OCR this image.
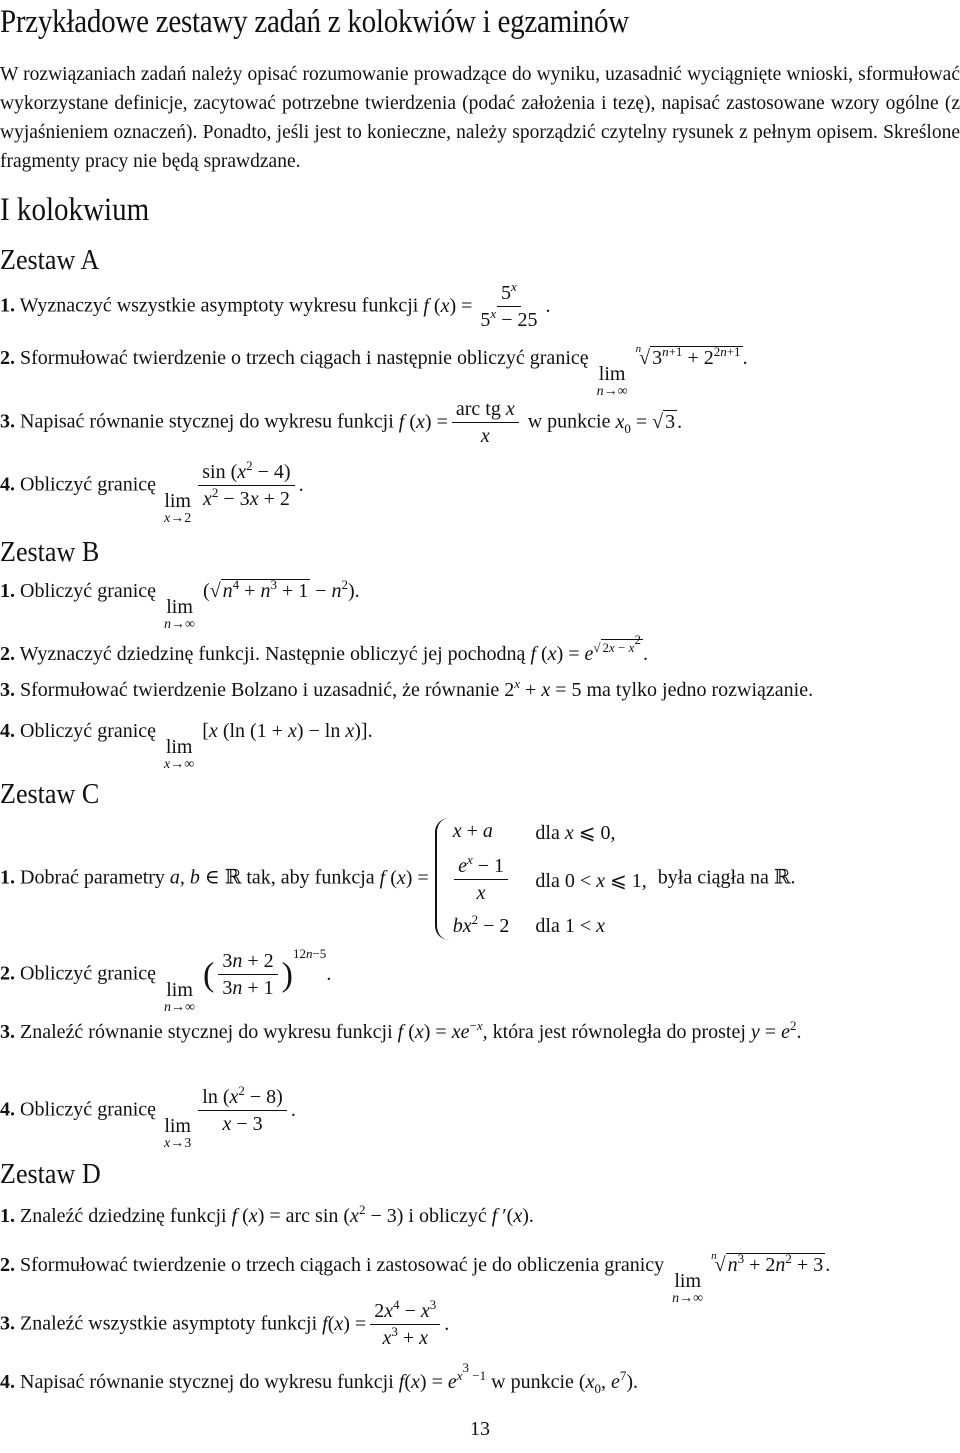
Przykładowe zestawy zadań z kolokwiów i egzaminów

W rozwiązaniach zadań należy opisać rozumowanie prowadzące do wyniku, uzasadnić wyciągnięte wnioski, sformułować wykorzystane definicje, zacytować potrzebne twierdzenia (podać założenia i tezę), napisać zastosowane wzory ogólne (z wyjaśnieniem oznaczeń). Ponadto, jeśli jest to konieczne, należy sporządzić czytelny rysunek z pełnym opisem. Skreślone fragmenty pracy nie będą sprawdzane.

I kolokwium
Zestaw A
1. Wyznaczyć wszystkie asymptoty wykresu funkcji f $(x) = \frac{5^x}{5^x - 25}$ .
2. Sformułować twierdzenie o trzech ciągach i następnie obliczyć granicę
lim
n→∞
$^n$√ $3^{n+1} + 2^{2n+1}$ .
3. Napisać równanie stycznej do wykresu funkcji f $(x) = \frac{\text{arc tg x}}{x}$ w punkcie $x_0$ = √ 3 .
4. Obliczyć granicę
lim
x→2
$\frac{\sin (x^2 - 4)}{x^2 - 3x + 2}$ .
Zestaw B
1. Obliczyć granicę
lim
n→∞
(√ $n^4 + n^3 + 1 - n^2$).
2. Wyznaczyć dziedzinę funkcji. Następnie obliczyć jej pochodną f $(x) = e^{√ 2x - x^2}$.
3. Sformułować twierdzenie Bolzano i uzasadnić, że równanie $2^x + x = 5$ ma tylko jedno rozwiązanie.
4. Obliczyć granicę
lim
x→∞
[x (ln (1 + x) − ln x)].
Zestaw C
1. Dobrać parametry a, b ∈ ℝ tak, aby funkcja f (x) =
x + a	dla x ⩽ 0,
$\frac{e^x - 1}{x}$ dla 0 < x ⩽ 1,
$bx^2 - 2$ dla 1 < x
była ciągła na ℝ.
2. Obliczyć granicę
lim
n→∞
( $\frac{3n + 2}{3n + 1} )^{12n-5}$.
3. Znaleźć równanie stycznej do wykresu funkcji f $(x) = xe^{-x}$, która jest równoległa do prostej $y = e^2$.
4. Obliczyć granicę
lim
x→3
$\frac{\ln (x^2 - 8)}{x - 3}$ .
Zestaw D
1. Znaleźć dziedzinę funkcji f (x) = arc $\sin (x^2 - 3)$ i obliczyć f ′(x).
2. Sformułować twierdzenie o trzech ciągach i zastosować je do obliczenia granicy
lim
n→∞
$^n$√ $n^3 + 2n^2 + 3$ .
3. Znaleźć wszystkie asymptoty funkcji $f(x) = \frac{2x^4 - x^3}{x^3 + x}$ .
4. Napisać równanie stycznej do wykresu funkcji $f(x) = e^{x^3 -1}$ w punkcie ($x_0$, $e^7$).
13
